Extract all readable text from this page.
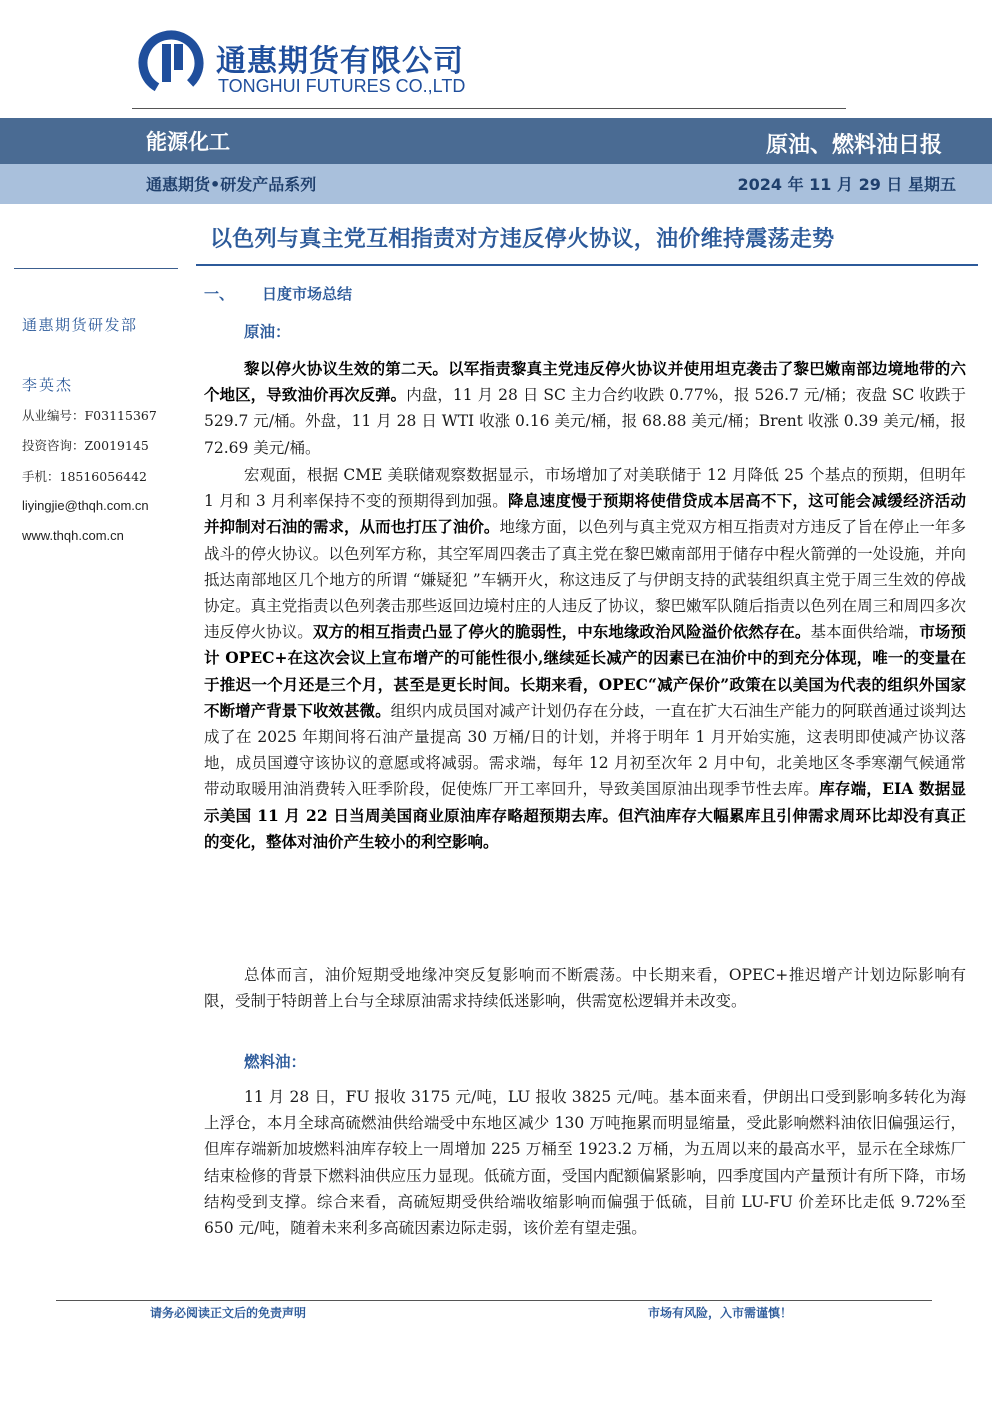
通惠期货有限公司
TONGHUI FUTURES CO.,LTD
能源化工	原油、燃料油日报
通惠期货•研发产品系列	2024 年 11 月 29 日 星期五
以色列与真主党互相指责对方违反停火协议，油价维持震荡走势
通惠期货研发部
李英杰
从业编号：F03115367
投资咨询：Z0019145
手机：18516056442
liyingjie@thqh.com.cn
www.thqh.com.cn
一、 日度市场总结
原油：
黎以停火协议生效的第二天。以军指责黎真主党违反停火协议并使用坦克袭击了黎巴嫩南部边境地带的六个地区，导致油价再次反弹。内盘，11 月 28 日 SC 主力合约收跌 0.77%，报 526.7 元/桶；夜盘 SC 收跌于 529.7 元/桶。外盘，11 月 28 日 WTI 收涨 0.16 美元/桶，报 68.88 美元/桶；Brent 收涨 0.39 美元/桶，报 72.69 美元/桶。
宏观面，根据 CME 美联储观察数据显示，市场增加了对美联储于 12 月降低 25 个基点的预期，但明年 1 月和 3 月利率保持不变的预期得到加强。降息速度慢于预期将使借贷成本居高不下，这可能会减缓经济活动并抑制对石油的需求，从而也打压了油价。地缘方面，以色列与真主党双方相互指责对方违反了旨在停止一年多战斗的停火协议。以色列军方称，其空军周四袭击了真主党在黎巴嫩南部用于储存中程火箭弹的一处设施，并向抵达南部地区几个地方的所谓 “嫌疑犯 ”车辆开火，称这违反了与伊朗支持的武装组织真主党于周三生效的停战协定。真主党指责以色列袭击那些返回边境村庄的人违反了协议，黎巴嫩军队随后指责以色列在周三和周四多次违反停火协议。双方的相互指责凸显了停火的脆弱性，中东地缘政治风险溢价依然存在。基本面供给端，市场预计 OPEC+在这次会议上宣布增产的可能性很小,继续延长减产的因素已在油价中的到充分体现，唯一的变量在于推迟一个月还是三个月，甚至是更长时间。长期来看，OPEC“减产保价”政策在以美国为代表的组织外国家不断增产背景下收效甚微。组织内成员国对减产计划仍存在分歧，一直在扩大石油生产能力的阿联酋通过谈判达成了在 2025 年期间将石油产量提高 30 万桶/日的计划，并将于明年 1 月开始实施，这表明即使减产协议落地，成员国遵守该协议的意愿或将减弱。需求端，每年 12 月初至次年 2 月中旬，北美地区冬季寒潮气候通常带动取暖用油消费转入旺季阶段，促使炼厂开工率回升，导致美国原油出现季节性去库。库存端，EIA 数据显示美国 11 月 22 日当周美国商业原油库存略超预期去库。但汽油库存大幅累库且引伸需求周环比却没有真正的变化，整体对油价产生较小的利空影响。
总体而言，油价短期受地缘冲突反复影响而不断震荡。中长期来看，OPEC+推迟增产计划边际影响有限，受制于特朗普上台与全球原油需求持续低迷影响，供需宽松逻辑并未改变。
燃料油：
11 月 28 日，FU 报收 3175 元/吨，LU 报收 3825 元/吨。基本面来看，伊朗出口受到影响多转化为海上浮仓，本月全球高硫燃油供给端受中东地区减少 130 万吨拖累而明显缩量，受此影响燃料油依旧偏强运行，但库存端新加坡燃料油库存较上一周增加 225 万桶至 1923.2 万桶，为五周以来的最高水平，显示在全球炼厂结束检修的背景下燃料油供应压力显现。低硫方面，受国内配额偏紧影响，四季度国内产量预计有所下降，市场结构受到支撑。综合来看，高硫短期受供给端收缩影响而偏强于低硫，目前 LU-FU 价差环比走低 9.72%至 650 元/吨，随着未来利多高硫因素边际走弱，该价差有望走强。
请务必阅读正文后的免责声明	市场有风险，入市需谨慎！
